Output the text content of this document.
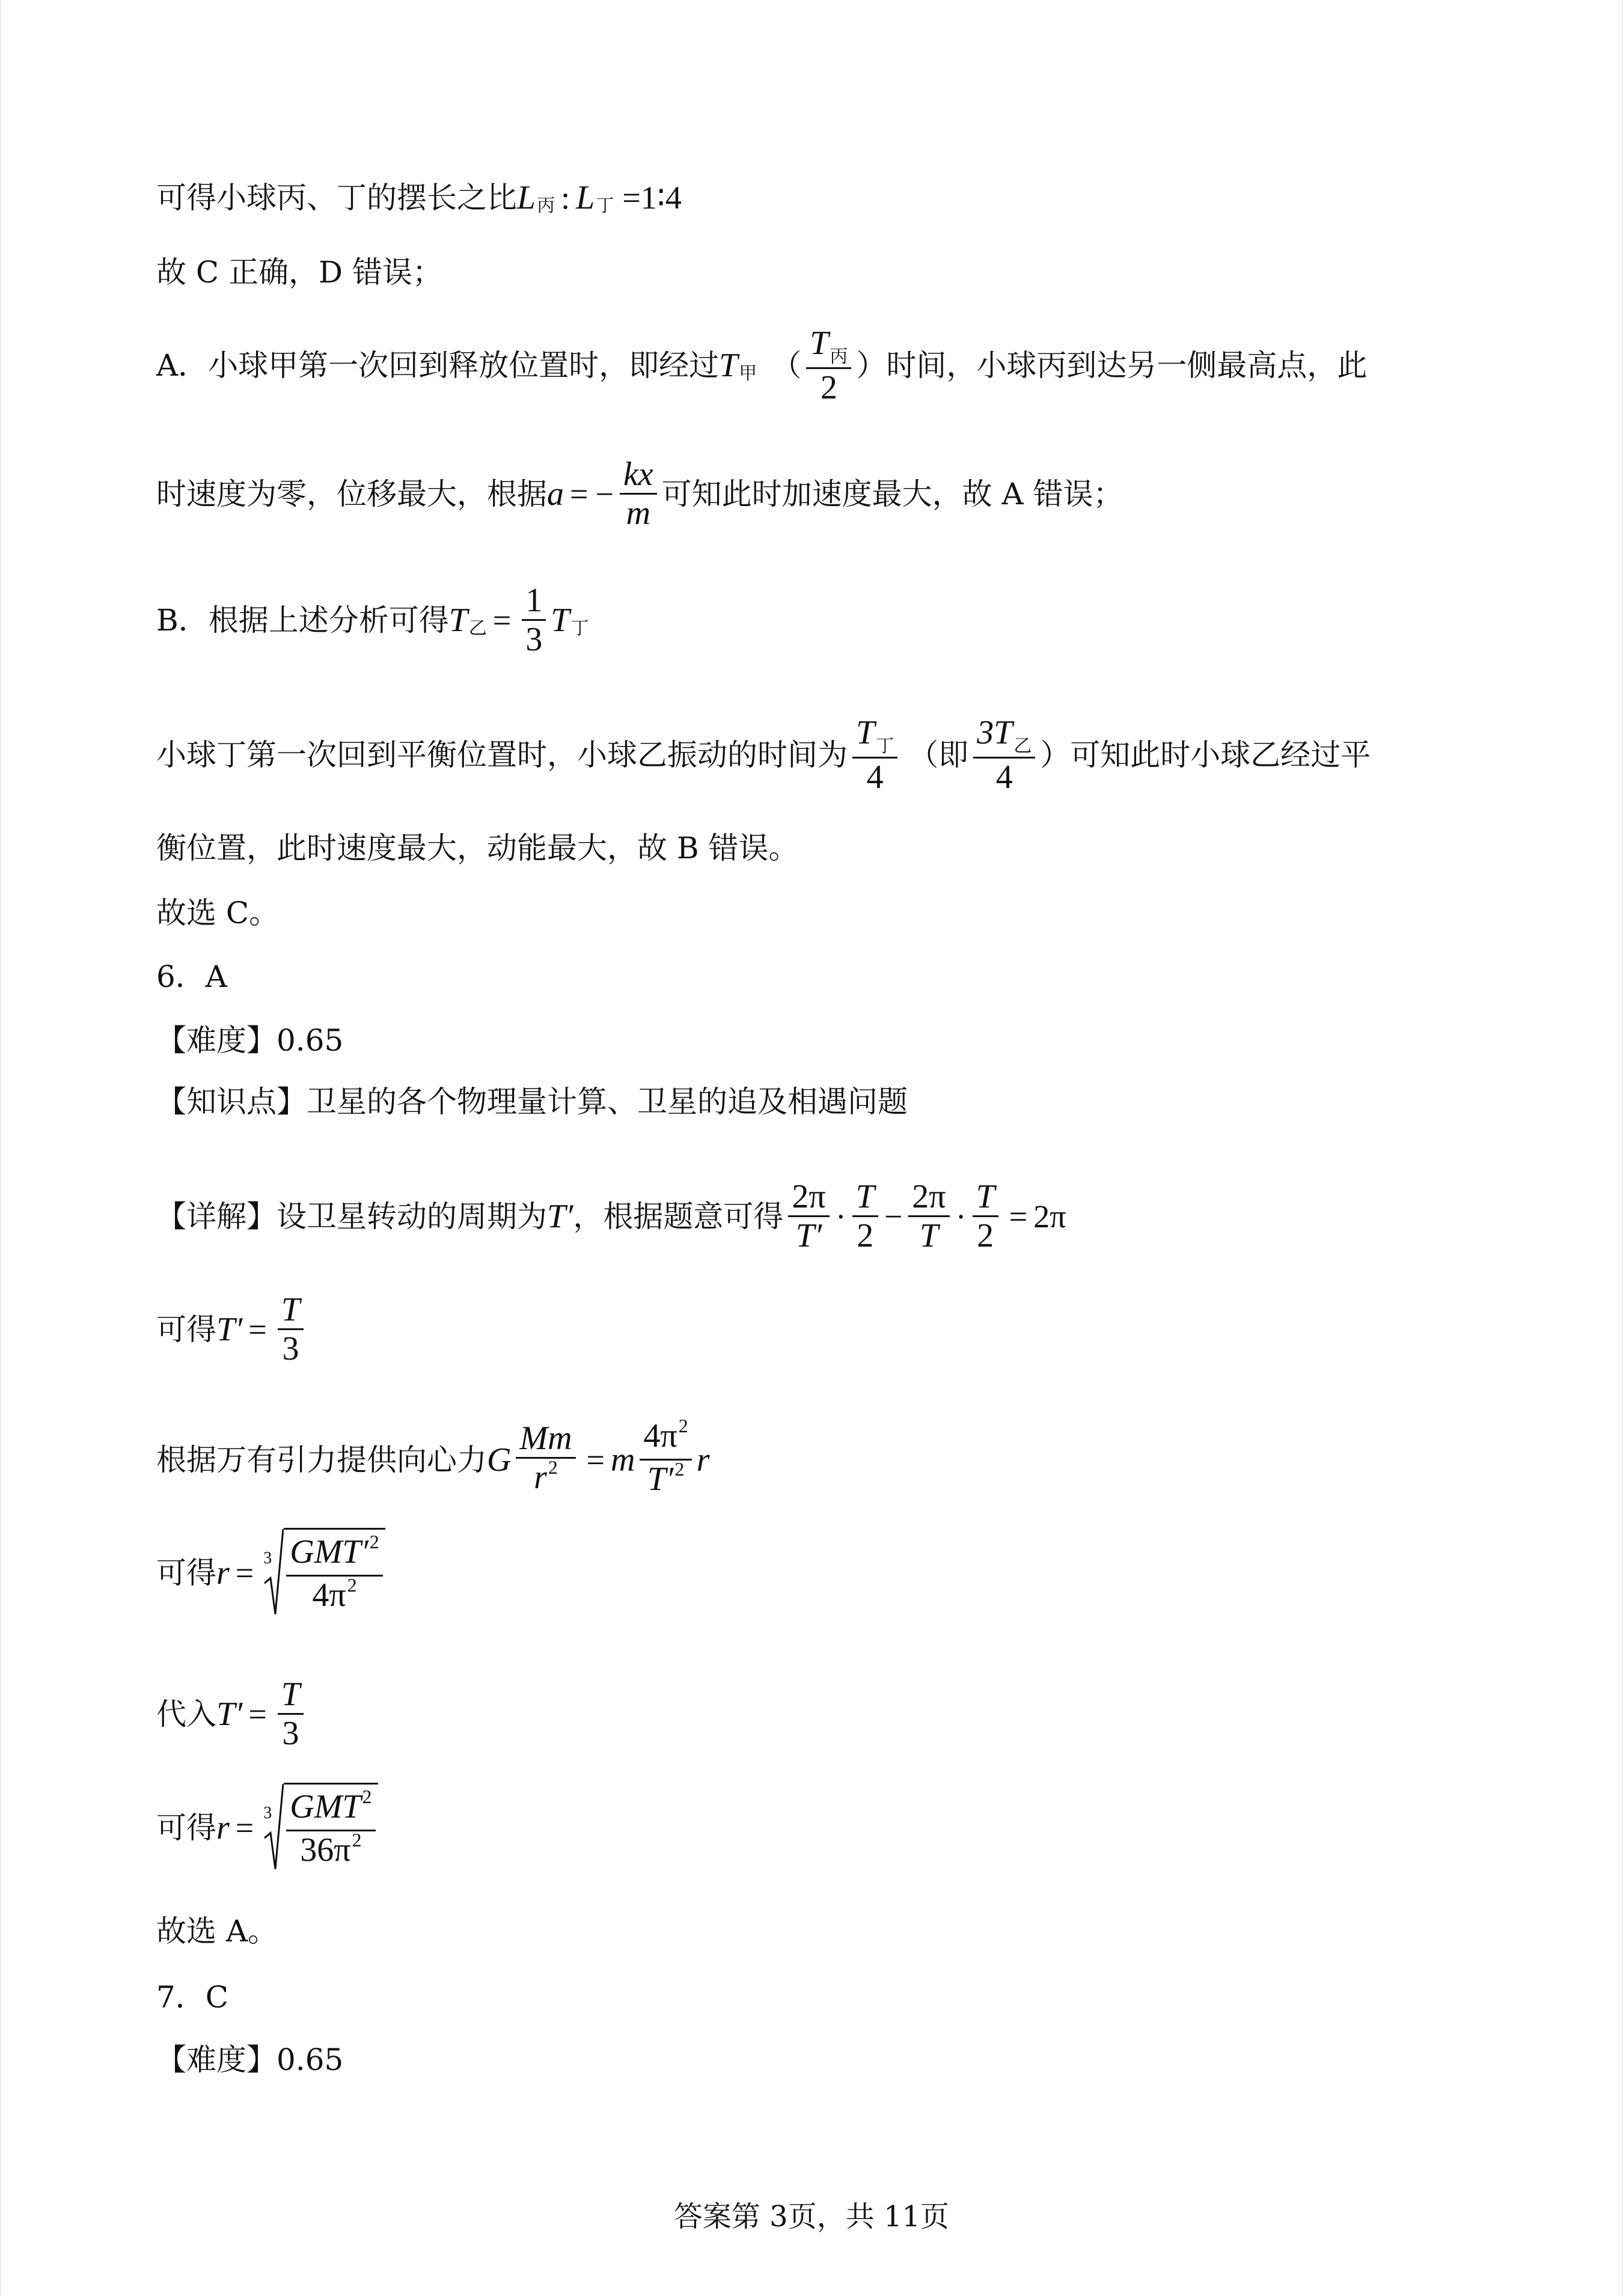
可得小球丙、丁的摆长之比 L 丙 : L 丁 =1∶4
故 C 正确，D 错误；
A．小球甲第一次回到释放位置时，即经过 T 甲 （ $\frac{T_丙}{2}$ ）时间，小球丙到达另一侧最高点，此
时速度为零，位移最大，根据 a = − $\frac{kx}{m}$ 可知此时加速度最大，故 A 错误；
B．根据上述分析可得 T 乙 = $\frac{1}{3}$ T 丁
小球丁第一次回到平衡位置时，小球乙振动的时间为 $\frac{T_丁}{4}$ （即 $\frac{3T_乙}{4}$ ）可知此时小球乙经过平
衡位置，此时速度最大，动能最大，故 B 错误。
故选 C。
6．A
【难度】0.65
【知识点】卫星的各个物理量计算、卫星的追及相遇问题
【详解】设卫星转动的周期为 T′ ，根据题意可得 $\frac{2\pi}{T'} \cdot \frac{T}{2} - \frac{2\pi}{T} \cdot \frac{T}{2} = 2\pi$
可得 $T' = \frac{T}{3}$
根据万有引力提供向心力 G $\frac{Mm}{r^2} = m \frac{4\pi^2}{T'^2}$ r
可得 $r = 3 \frac{GMT'^2}{4\pi^2}$
代入 $T' = \frac{T}{3}$
可得 $r = 3 \frac{GMT^2}{36\pi^2}$
故选 A。
7．C
【难度】0.65
答案第 3页，共 11页
